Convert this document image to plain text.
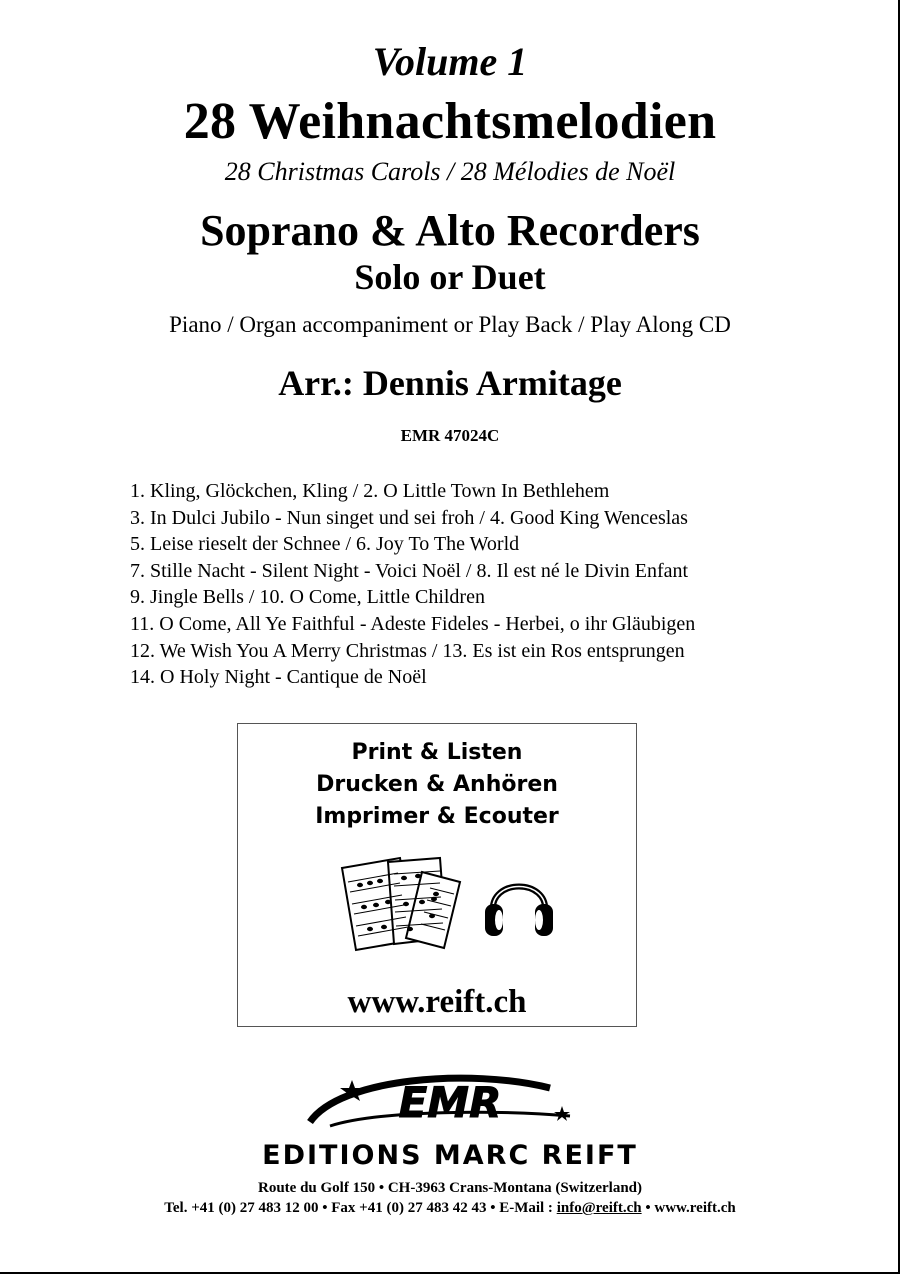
Volume 1
28 Weihnachtsmelodien
28 Christmas Carols / 28 Mélodies de Noël
Soprano & Alto Recorders
Solo or Duet
Piano / Organ accompaniment or Play Back / Play Along CD
Arr.: Dennis Armitage
EMR 47024C
1. Kling, Glöckchen, Kling / 2. O Little Town In Bethlehem
3. In Dulci Jubilo - Nun singet und sei froh / 4. Good King Wenceslas
5. Leise rieselt der Schnee / 6. Joy To The World
7. Stille Nacht - Silent Night - Voici Noël / 8. Il est né le Divin Enfant
9. Jingle Bells / 10. O Come, Little Children
11. O Come, All Ye Faithful - Adeste Fideles - Herbei, o ihr Gläubigen
12. We Wish You A Merry Christmas / 13. Es ist ein Ros entsprungen
14. O Holy Night - Cantique de Noël
Print & Listen
Drucken & Anhören
Imprimer & Ecouter
www.reift.ch
EMR
EDITIONS MARC REIFT
Route du Golf 150 • CH-3963 Crans-Montana (Switzerland)
Tel. +41 (0) 27 483 12 00 • Fax +41 (0) 27 483 42 43 • E-Mail : info@reift.ch • www.reift.ch
